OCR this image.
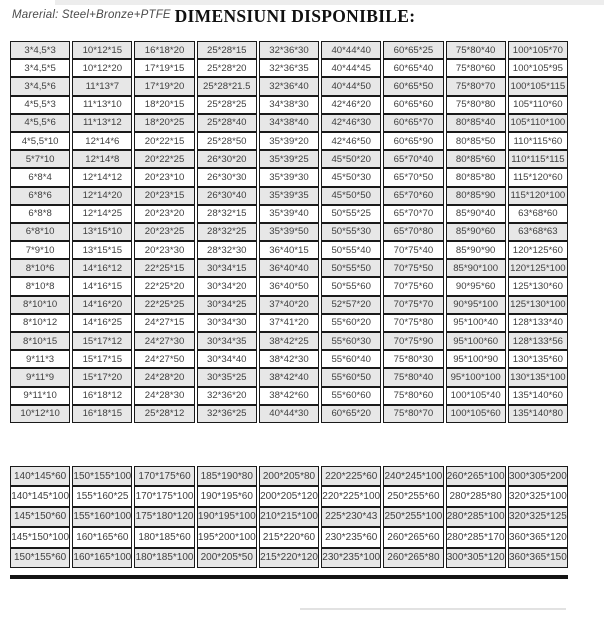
Marerial: Steel+Bronze+PTFE DIMENSIUNI DISPONIBILE:
3*4,5*3	10*12*15	16*18*20	25*28*15	32*36*30	40*44*40	60*65*25	75*80*40	100*105*70
3*4,5*5	10*12*20	17*19*15	25*28*20	32*36*35	40*44*45	60*65*40	75*80*60	100*105*95
3*4,5*6	11*13*7	17*19*20	25*28*21.5	32*36*40	40*44*50	60*65*50	75*80*70	100*105*115
4*5,5*3	11*13*10	18*20*15	25*28*25	34*38*30	42*46*20	60*65*60	75*80*80	105*110*60
4*5,5*6	11*13*12	18*20*25	25*28*40	34*38*40	42*46*30	60*65*70	80*85*40	105*110*100
4*5,5*10	12*14*6	20*22*15	25*28*50	35*39*20	42*46*50	60*65*90	80*85*50	110*115*60
5*7*10	12*14*8	20*22*25	26*30*20	35*39*25	45*50*20	65*70*40	80*85*60	110*115*115
6*8*4	12*14*12	20*23*10	26*30*30	35*39*30	45*50*30	65*70*50	80*85*80	115*120*60
6*8*6	12*14*20	20*23*15	26*30*40	35*39*35	45*50*50	65*70*60	80*85*90	115*120*100
6*8*8	12*14*25	20*23*20	28*32*15	35*39*40	50*55*25	65*70*70	85*90*40	63*68*60
6*8*10	13*15*10	20*23*25	28*32*25	35*39*50	50*55*30	65*70*80	85*90*60	63*68*63
7*9*10	13*15*15	20*23*30	28*32*30	36*40*15	50*55*40	70*75*40	85*90*90	120*125*60
8*10*6	14*16*12	22*25*15	30*34*15	36*40*40	50*55*50	70*75*50	85*90*100	120*125*100
8*10*8	14*16*15	22*25*20	30*34*20	36*40*50	50*55*60	70*75*60	90*95*60	125*130*60
8*10*10	14*16*20	22*25*25	30*34*25	37*40*20	52*57*20	70*75*70	90*95*100	125*130*100
8*10*12	14*16*25	24*27*15	30*34*30	37*41*20	55*60*20	70*75*80	95*100*40	128*133*40
8*10*15	15*17*12	24*27*30	30*34*35	38*42*25	55*60*30	70*75*90	95*100*60	128*133*56
9*11*3	15*17*15	24*27*50	30*34*40	38*42*30	55*60*40	75*80*30	95*100*90	130*135*60
9*11*9	15*17*20	24*28*20	30*35*25	38*42*40	55*60*50	75*80*40	95*100*100	130*135*100
9*11*10	16*18*12	24*28*30	32*36*20	38*42*60	55*60*60	75*80*60	100*105*40	135*140*60
10*12*10	16*18*15	25*28*12	32*36*25	40*44*30	60*65*20	75*80*70	100*105*60	135*140*80
140*145*60	150*155*100	170*175*60	185*190*80	200*205*80	220*225*60	240*245*100	260*265*100	300*305*200
140*145*100	155*160*25	170*175*100	190*195*60	200*205*120	220*225*100	250*255*60	280*285*80	320*325*100
145*150*60	155*160*100	175*180*120	190*195*100	210*215*100	225*230*43	250*255*100	280*285*100	320*325*125
145*150*100	160*165*60	180*185*60	195*200*100	215*220*60	230*235*60	260*265*60	280*285*170	360*365*120
150*155*60	160*165*100	180*185*100	200*205*50	215*220*120	230*235*100	260*265*80	300*305*120	360*365*150
